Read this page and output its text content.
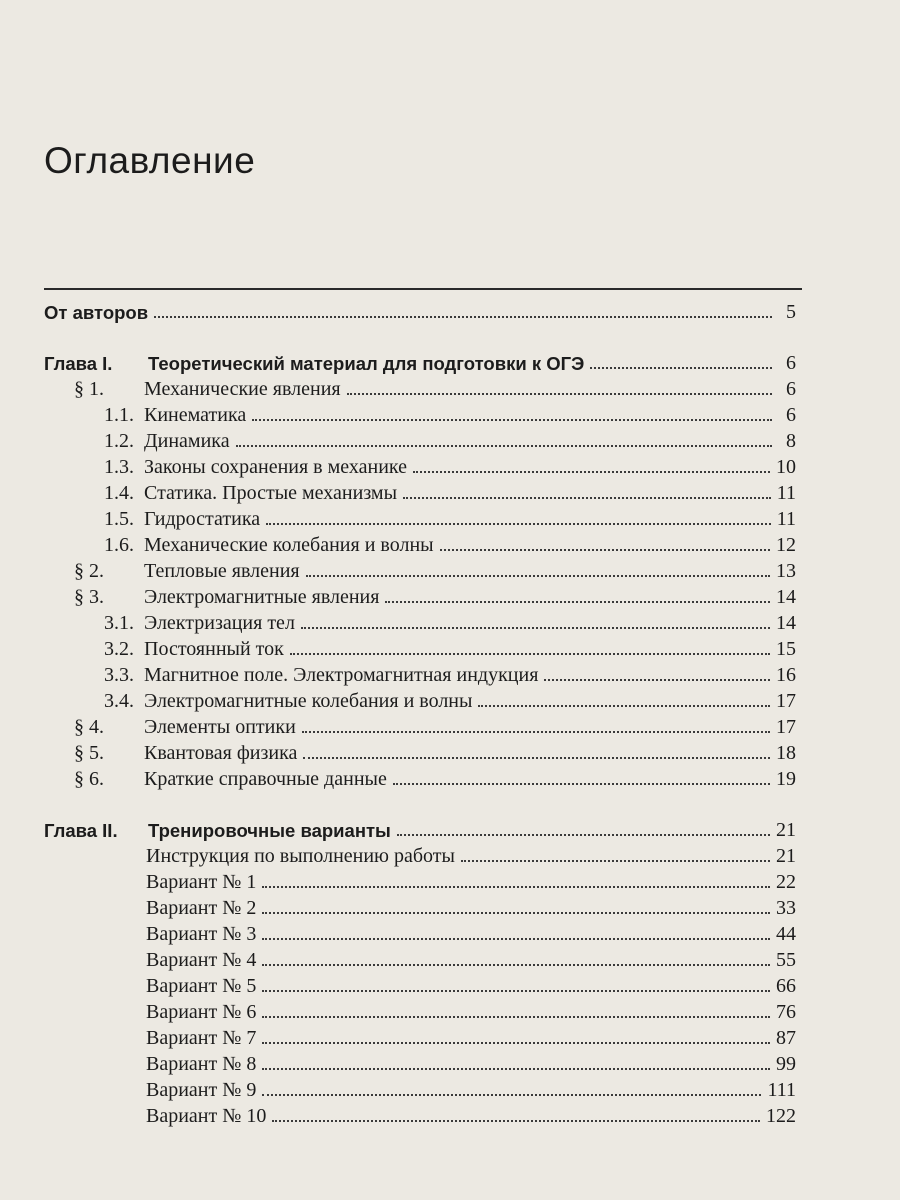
Оглавление
От авторов	5
Глава I.	Теоретический материал для подготовки к ОГЭ	6
§ 1.	Механические явления	6
1.1. Кинематика	6
1.2. Динамика	8
1.3. Законы сохранения в механике	10
1.4. Статика. Простые механизмы	11
1.5. Гидростатика	11
1.6. Механические колебания и волны	12
§ 2.	Тепловые явления	13
§ 3.	Электромагнитные явления	14
3.1. Электризация тел	14
3.2. Постоянный ток	15
3.3. Магнитное поле. Электромагнитная индукция	16
3.4. Электромагнитные колебания и волны	17
§ 4.	Элементы оптики	17
§ 5.	Квантовая физика	18
§ 6.	Краткие справочные данные	19
Глава II.	Тренировочные варианты	21
Инструкция по выполнению работы	21
Вариант № 1	22
Вариант № 2	33
Вариант № 3	44
Вариант № 4	55
Вариант № 5	66
Вариант № 6	76
Вариант № 7	87
Вариант № 8	99
Вариант № 9	111
Вариант № 10	122
